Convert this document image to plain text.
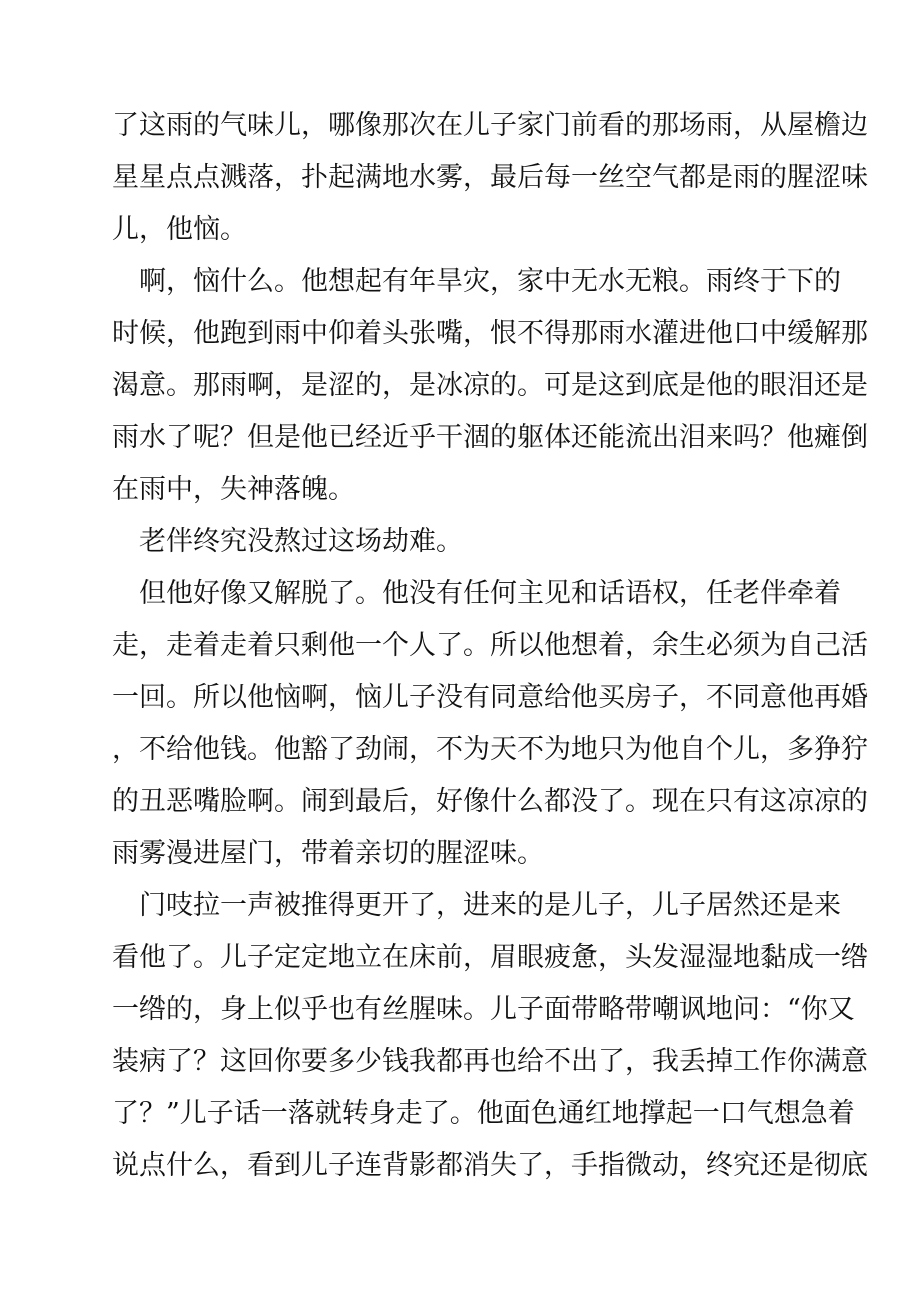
了这雨的气味儿，哪像那次在儿子家门前看的那场雨，从屋檐边
星星点点溅落，扑起满地水雾，最后每一丝空气都是雨的腥涩味
儿，他恼。
　啊，恼什么。他想起有年旱灾，家中无水无粮。雨终于下的
时候，他跑到雨中仰着头张嘴，恨不得那雨水灌进他口中缓解那
渴意。那雨啊，是涩的，是冰凉的。可是这到底是他的眼泪还是
雨水了呢？但是他已经近乎干涸的躯体还能流出泪来吗？他瘫倒
在雨中，失神落魄。
　老伴终究没熬过这场劫难。
　但他好像又解脱了。他没有任何主见和话语权，任老伴牵着
走，走着走着只剩他一个人了。所以他想着，余生必须为自己活
一回。所以他恼啊，恼儿子没有同意给他买房子，不同意他再婚
，不给他钱。他豁了劲闹，不为天不为地只为他自个儿，多狰狞
的丑恶嘴脸啊。闹到最后，好像什么都没了。现在只有这凉凉的
雨雾漫进屋门，带着亲切的腥涩味。
　门吱拉一声被推得更开了，进来的是儿子，儿子居然还是来
看他了。儿子定定地立在床前，眉眼疲惫，头发湿湿地黏成一绺
一绺的，身上似乎也有丝腥味。儿子面带略带嘲讽地问：“你又
装病了？这回你要多少钱我都再也给不出了，我丢掉工作你满意
了？”儿子话一落就转身走了。他面色通红地撑起一口气想急着
说点什么，看到儿子连背影都消失了，手指微动，终究还是彻底
